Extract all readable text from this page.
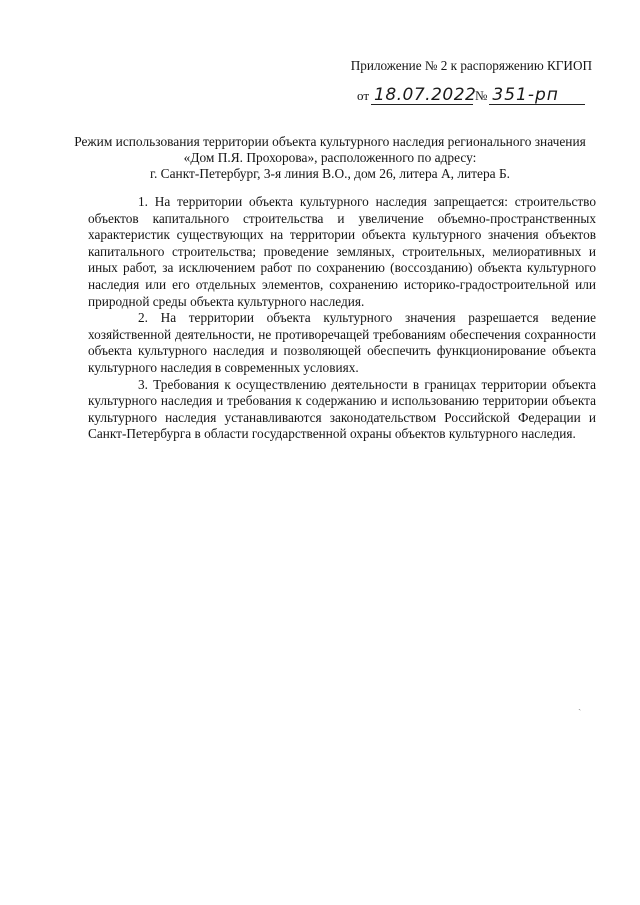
Приложение № 2 к распоряжению КГИОП
от 18.07.2022
№ 351-рп
Режим использования территории объекта культурного наследия регионального значения
«Дом П.Я. Прохорова», расположенного по адресу:
г. Санкт-Петербург, 3-я линия В.О., дом 26, литера А, литера Б.

1. На территории объекта культурного наследия запрещается: строительство объектов капитального строительства и увеличение объемно-пространственных характеристик существующих на территории объекта культурного значения объектов капитального строительства; проведение земляных, строительных, мелиоративных и иных работ, за исключением работ по сохранению (воссозданию) объекта культурного наследия или его отдельных элементов, сохранению историко-градостроительной или природной среды объекта культурного наследия.

2. На территории объекта культурного значения разрешается ведение хозяйственной деятельности, не противоречащей требованиям обеспечения сохранности объекта культурного наследия и позволяющей обеспечить функционирование объекта культурного наследия в современных условиях.

3. Требования к осуществлению деятельности в границах территории объекта культурного наследия и требования к содержанию и использованию территории объекта культурного наследия устанавливаются законодательством Российской Федерации и Санкт-Петербурга в области государственной охраны объектов культурного наследия.

ˎ
